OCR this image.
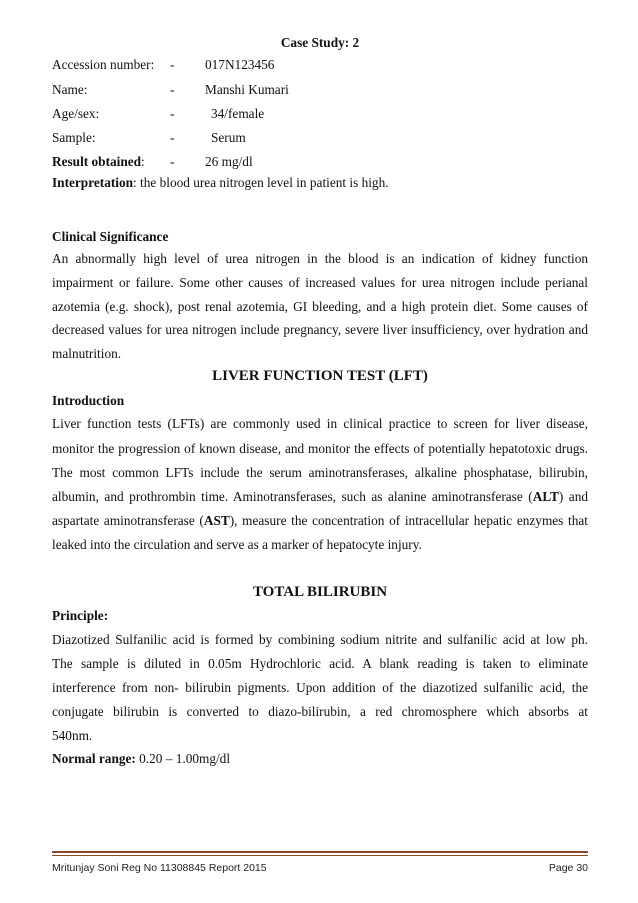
Case Study: 2
Accession number: - 017N123456
Name:	- Manshi Kumari
Age/sex:	-	34/female
Sample:	-	Serum
Result obtained: - 26 mg/dl
Interpretation: the blood urea nitrogen level in patient is high.
Clinical Significance
An abnormally high level of urea nitrogen in the blood is an indication of kidney function
impairment or failure. Some other causes of increased values for urea nitrogen include perianal
azotemia (e.g. shock), post renal azotemia, GI bleeding, and a high protein diet. Some causes of
decreased values for urea nitrogen include pregnancy, severe liver insufficiency, over hydration and
malnutrition.
LIVER FUNCTION TEST (LFT)
Introduction
Liver function tests (LFTs) are commonly used in clinical practice to screen for liver disease,
monitor the progression of known disease, and monitor the effects of potentially hepatotoxic drugs.
The most common LFTs include the serum aminotransferases, alkaline phosphatase, bilirubin,
albumin, and prothrombin time. Aminotransferases, such as alanine aminotransferase (ALT) and
aspartate aminotransferase (AST), measure the concentration of intracellular hepatic enzymes that
leaked into the circulation and serve as a marker of hepatocyte injury.
TOTAL BILIRUBIN
Principle:
Diazotized Sulfanilic acid is formed by combining sodium nitrite and sulfanilic acid at low ph.
The sample is diluted in 0.05m Hydrochloric acid. A blank reading is taken to eliminate
interference from non- bilirubin pigments. Upon addition of the diazotized sulfanilic acid, the
conjugate bilirubin is converted to diazo-bilirubin, a red chromosphere which absorbs at
540nm.
Normal range: 0.20 – 1.00mg/dl
Mritunjay Soni Reg No 11308845 Report 2015	Page 30
